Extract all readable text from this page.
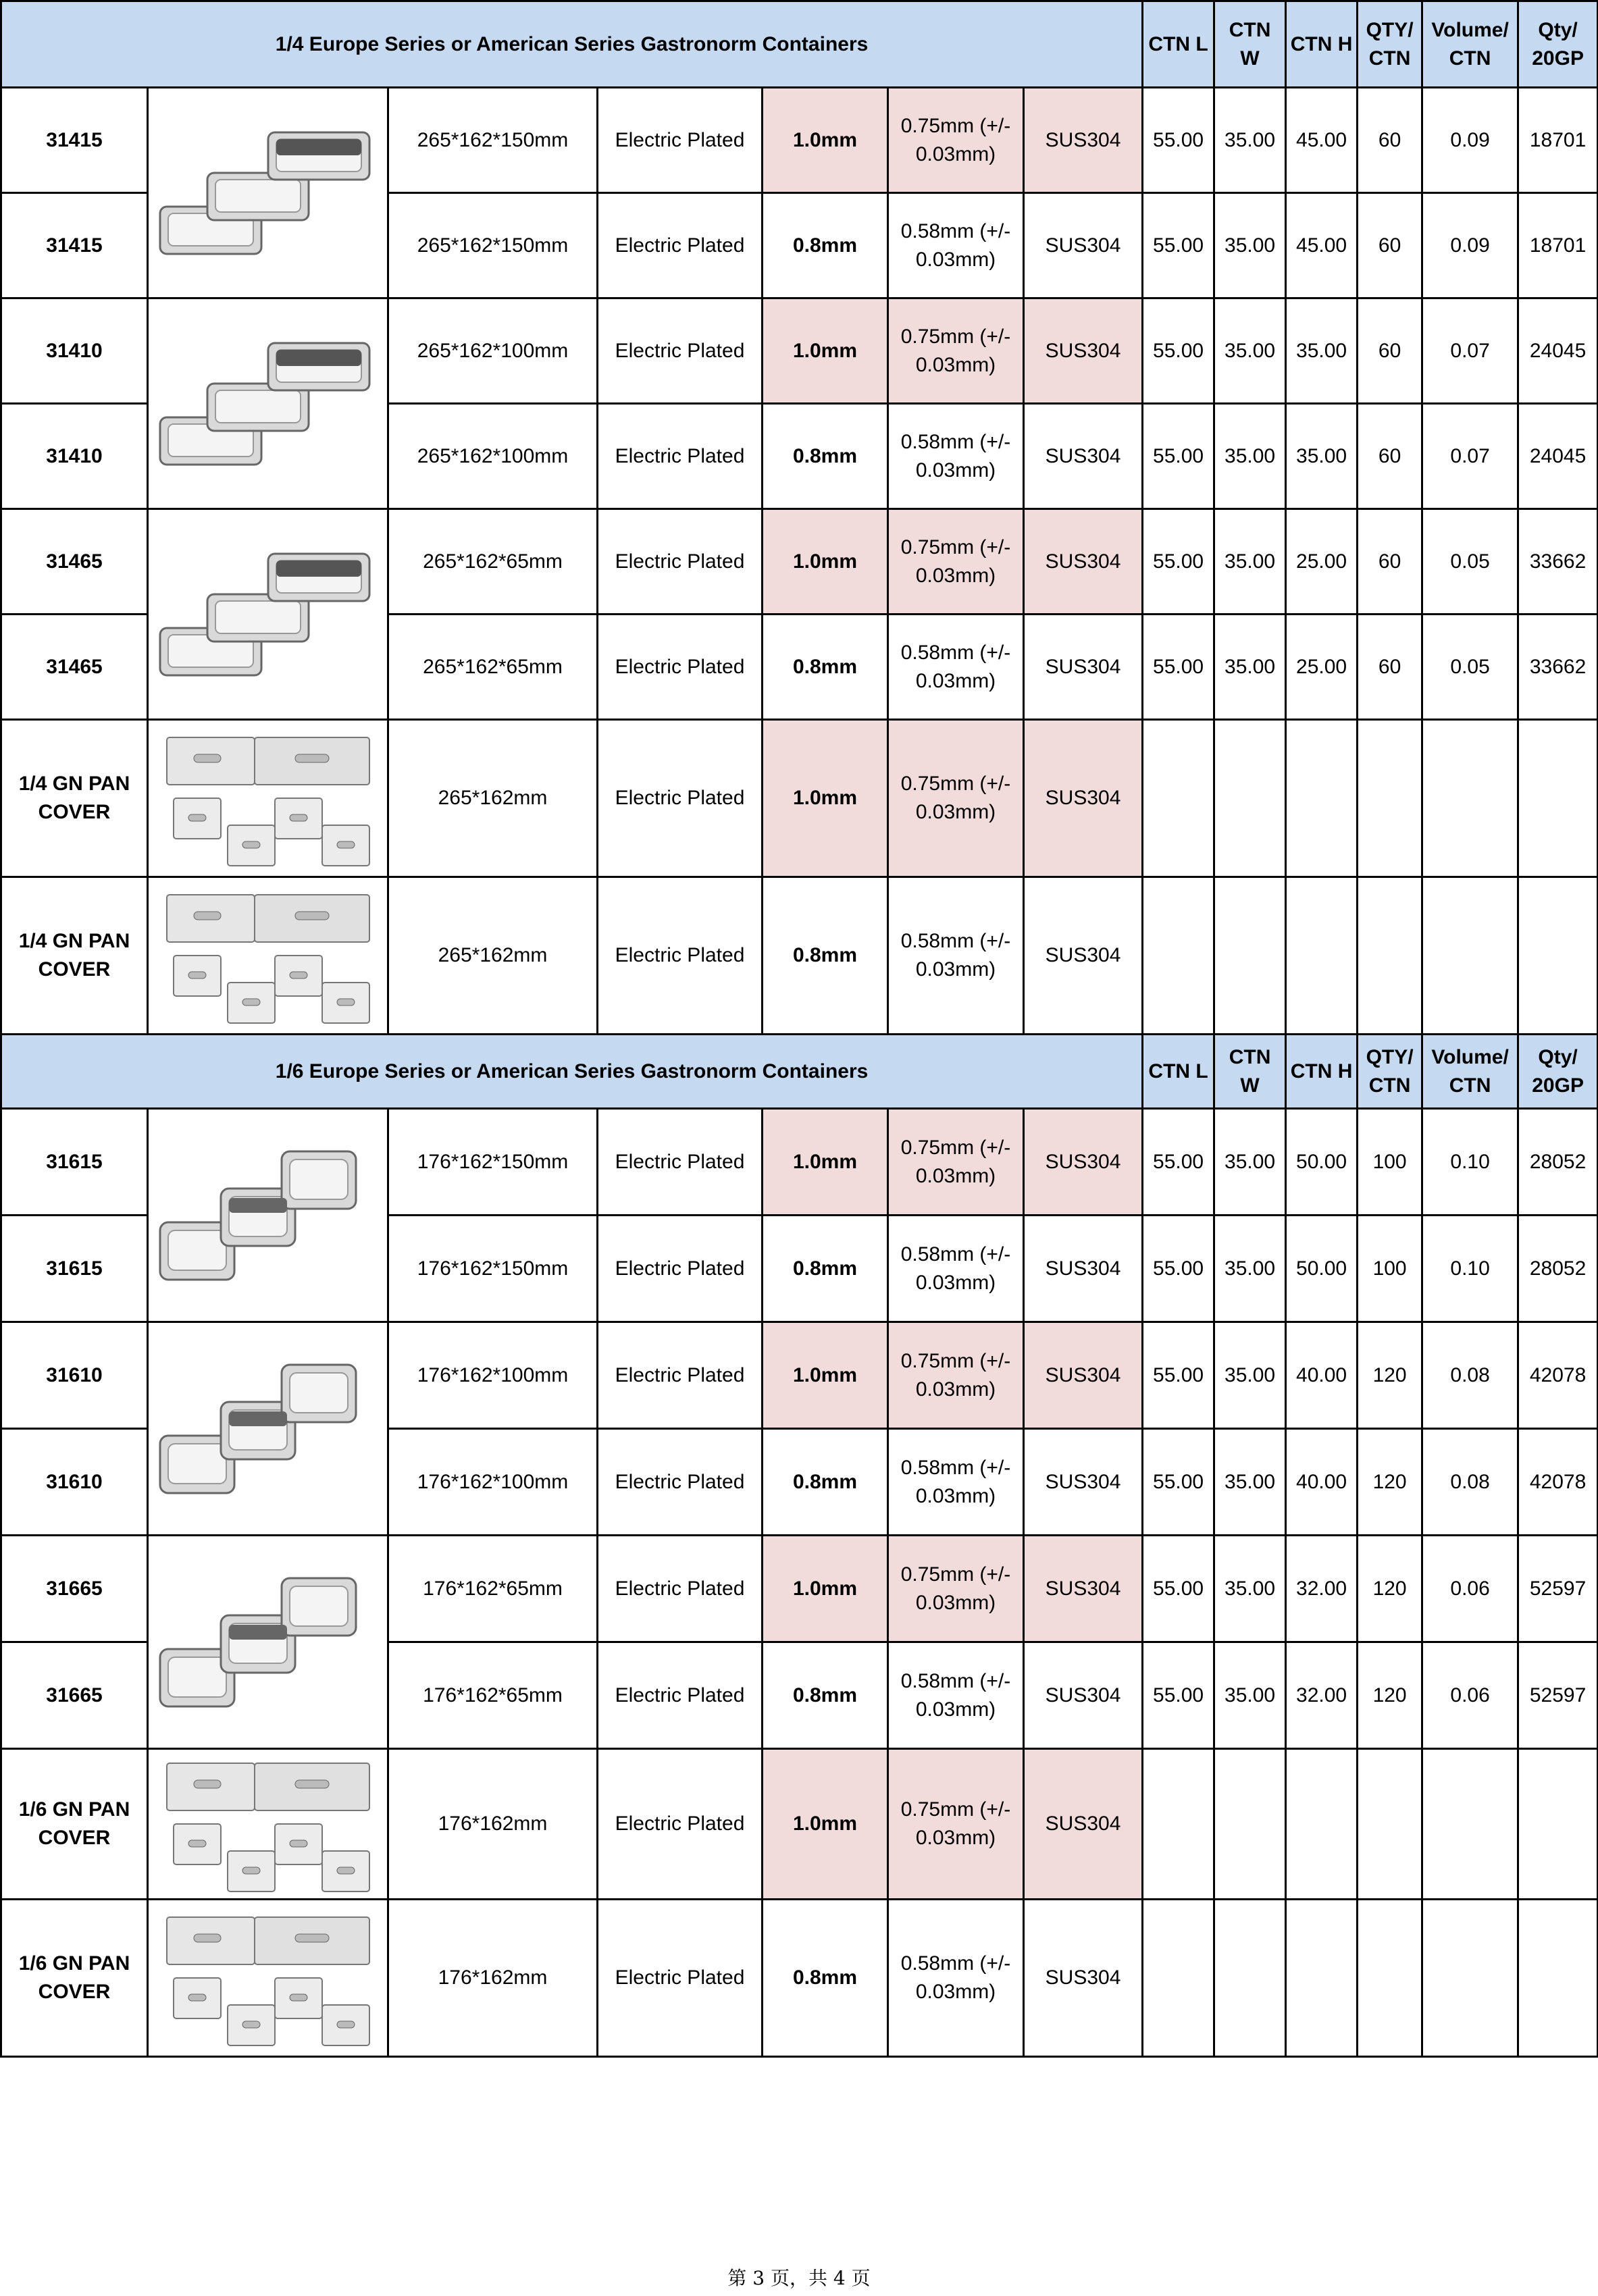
1/4 Europe Series or American Series Gastronorm Containers							CTN L	CTN W	CTN H	QTY/ CTN	Volume/ CTN	Qty/ 20GP
31415		265*162*150mm	Electric Plated	1.0mm	0.75mm (+/- 0.03mm)	SUS304	55.00	35.00	45.00	60	0.09	18701
31415		265*162*150mm	Electric Plated	0.8mm	0.58mm (+/- 0.03mm)	SUS304	55.00	35.00	45.00	60	0.09	18701
31410		265*162*100mm	Electric Plated	1.0mm	0.75mm (+/- 0.03mm)	SUS304	55.00	35.00	35.00	60	0.07	24045
31410		265*162*100mm	Electric Plated	0.8mm	0.58mm (+/- 0.03mm)	SUS304	55.00	35.00	35.00	60	0.07	24045
31465		265*162*65mm	Electric Plated	1.0mm	0.75mm (+/- 0.03mm)	SUS304	55.00	35.00	25.00	60	0.05	33662
31465		265*162*65mm	Electric Plated	0.8mm	0.58mm (+/- 0.03mm)	SUS304	55.00	35.00	25.00	60	0.05	33662
1/4 GN PAN COVER		265*162mm	Electric Plated	1.0mm	0.75mm (+/- 0.03mm)	SUS304						
1/4 GN PAN COVER		265*162mm	Electric Plated	0.8mm	0.58mm (+/- 0.03mm)	SUS304						
1/6 Europe Series or American Series Gastronorm Containers							CTN L	CTN W	CTN H	QTY/ CTN	Volume/ CTN	Qty/ 20GP
31615		176*162*150mm	Electric Plated	1.0mm	0.75mm (+/- 0.03mm)	SUS304	55.00	35.00	50.00	100	0.10	28052
31615		176*162*150mm	Electric Plated	0.8mm	0.58mm (+/- 0.03mm)	SUS304	55.00	35.00	50.00	100	0.10	28052
31610		176*162*100mm	Electric Plated	1.0mm	0.75mm (+/- 0.03mm)	SUS304	55.00	35.00	40.00	120	0.08	42078
31610		176*162*100mm	Electric Plated	0.8mm	0.58mm (+/- 0.03mm)	SUS304	55.00	35.00	40.00	120	0.08	42078
31665		176*162*65mm	Electric Plated	1.0mm	0.75mm (+/- 0.03mm)	SUS304	55.00	35.00	32.00	120	0.06	52597
31665		176*162*65mm	Electric Plated	0.8mm	0.58mm (+/- 0.03mm)	SUS304	55.00	35.00	32.00	120	0.06	52597
1/6 GN PAN COVER		176*162mm	Electric Plated	1.0mm	0.75mm (+/- 0.03mm)	SUS304						
1/6 GN PAN COVER		176*162mm	Electric Plated	0.8mm	0.58mm (+/- 0.03mm)	SUS304						
第 3 页，共 4 页
